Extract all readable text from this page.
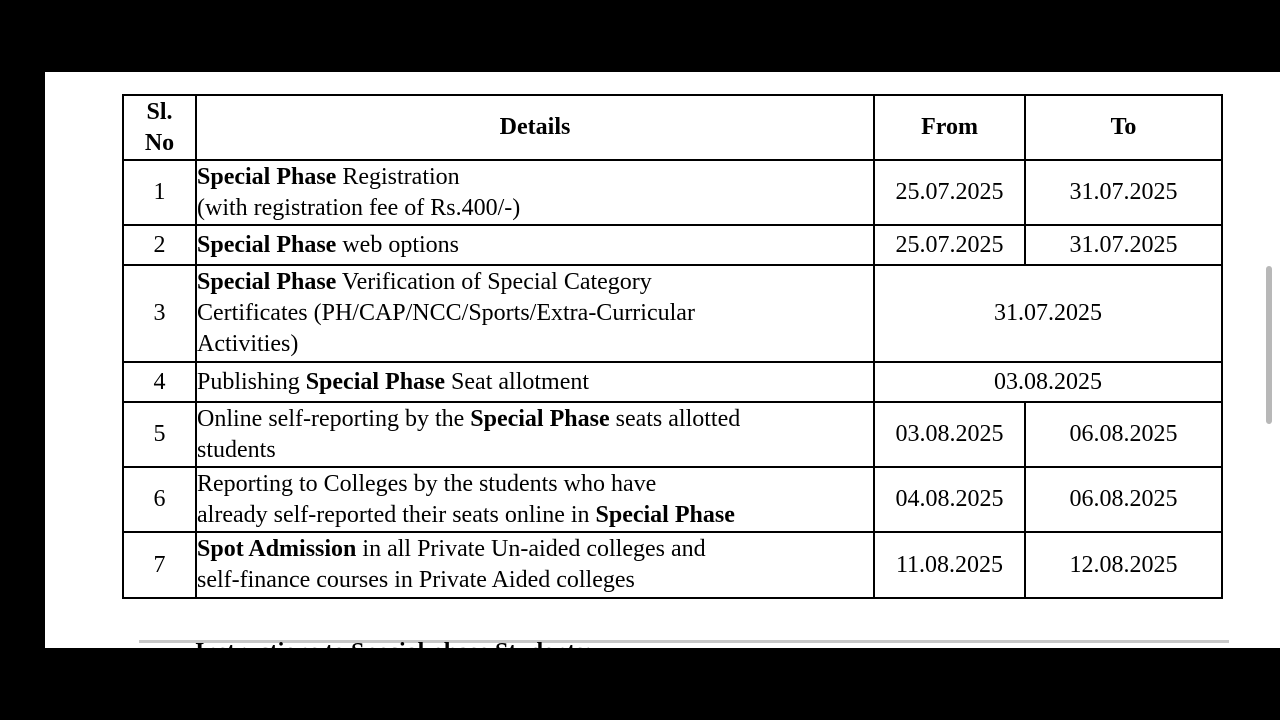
Sl.
No	Details	From	To
1	Special Phase Registration
(with registration fee of Rs.400/-)	25.07.2025	31.07.2025
2	Special Phase web options	25.07.2025	31.07.2025
3	Special Phase Verification of Special Category
Certificates (PH/CAP/NCC/Sports/Extra-Curricular
Activities)	31.07.2025	
4	Publishing Special Phase Seat allotment	03.08.2025	
5	Online self-reporting by the Special Phase seats allotted
students	03.08.2025	06.08.2025
6	Reporting to Colleges by the students who have
already self-reported their seats online in Special Phase	04.08.2025	06.08.2025
7	Spot Admission in all Private Un-aided colleges and
self-finance courses in Private Aided colleges	11.08.2025	12.08.2025
Instructions to Special phase Students:
